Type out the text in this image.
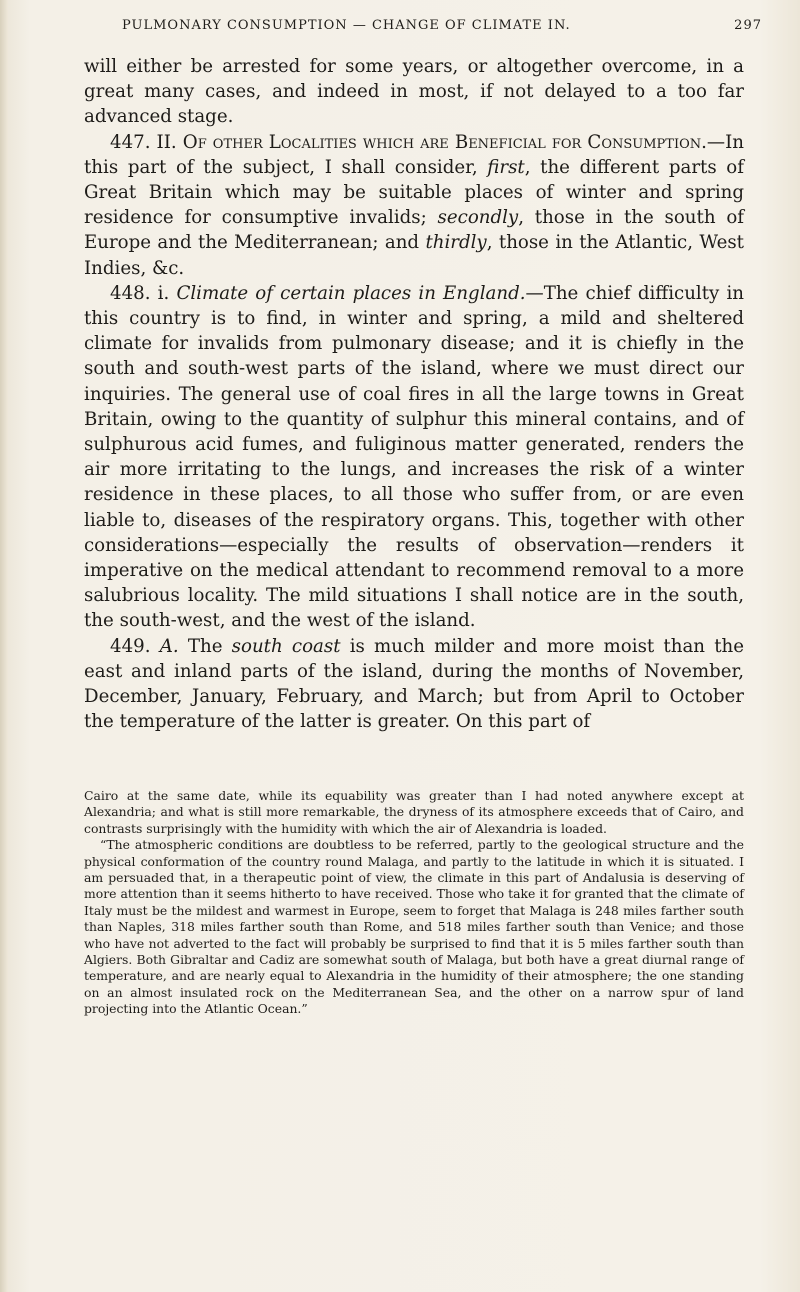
PULMONARY CONSUMPTION — CHANGE OF CLIMATE IN.	297

will either be arrested for some years, or altogether overcome, in a great many cases, and indeed in most, if not delayed to a too far advanced stage.

447. II. Of other Localities which are Beneficial for Consumption.—In this part of the subject, I shall consider, first, the different parts of Great Britain which may be suitable places of winter and spring residence for consumptive invalids; secondly, those in the south of Europe and the Mediterranean; and thirdly, those in the Atlantic, West Indies, &c.

448. i. Climate of certain places in England.—The chief difficulty in this country is to find, in winter and spring, a mild and sheltered climate for invalids from pulmonary disease; and it is chiefly in the south and south-west parts of the island, where we must direct our inquiries. The general use of coal fires in all the large towns in Great Britain, owing to the quantity of sulphur this mineral contains, and of sulphurous acid fumes, and fuliginous matter generated, renders the air more irritating to the lungs, and increases the risk of a winter residence in these places, to all those who suffer from, or are even liable to, diseases of the respiratory organs. This, together with other considerations—especially the results of observation—renders it imperative on the medical attendant to recommend removal to a more salubrious locality. The mild situations I shall notice are in the south, the south-west, and the west of the island.

449. A. The south coast is much milder and more moist than the east and inland parts of the island, during the months of November, December, January, February, and March; but from April to October the temperature of the latter is greater. On this part of

Cairo at the same date, while its equability was greater than I had noted anywhere except at Alexandria; and what is still more remarkable, the dryness of its atmosphere exceeds that of Cairo, and contrasts surprisingly with the humidity with which the air of Alexandria is loaded.

“The atmospheric conditions are doubtless to be referred, partly to the geological structure and the physical conformation of the country round Malaga, and partly to the latitude in which it is situated. I am persuaded that, in a therapeutic point of view, the climate in this part of Andalusia is deserving of more attention than it seems hitherto to have received. Those who take it for granted that the climate of Italy must be the mildest and warmest in Europe, seem to forget that Malaga is 248 miles farther south than Naples, 318 miles farther south than Rome, and 518 miles farther south than Venice; and those who have not adverted to the fact will probably be surprised to find that it is 5 miles farther south than Algiers. Both Gibraltar and Cadiz are somewhat south of Malaga, but both have a great diurnal range of temperature, and are nearly equal to Alexandria in the humidity of their atmosphere; the one standing on an almost insulated rock on the Mediterranean Sea, and the other on a narrow spur of land projecting into the Atlantic Ocean.”
